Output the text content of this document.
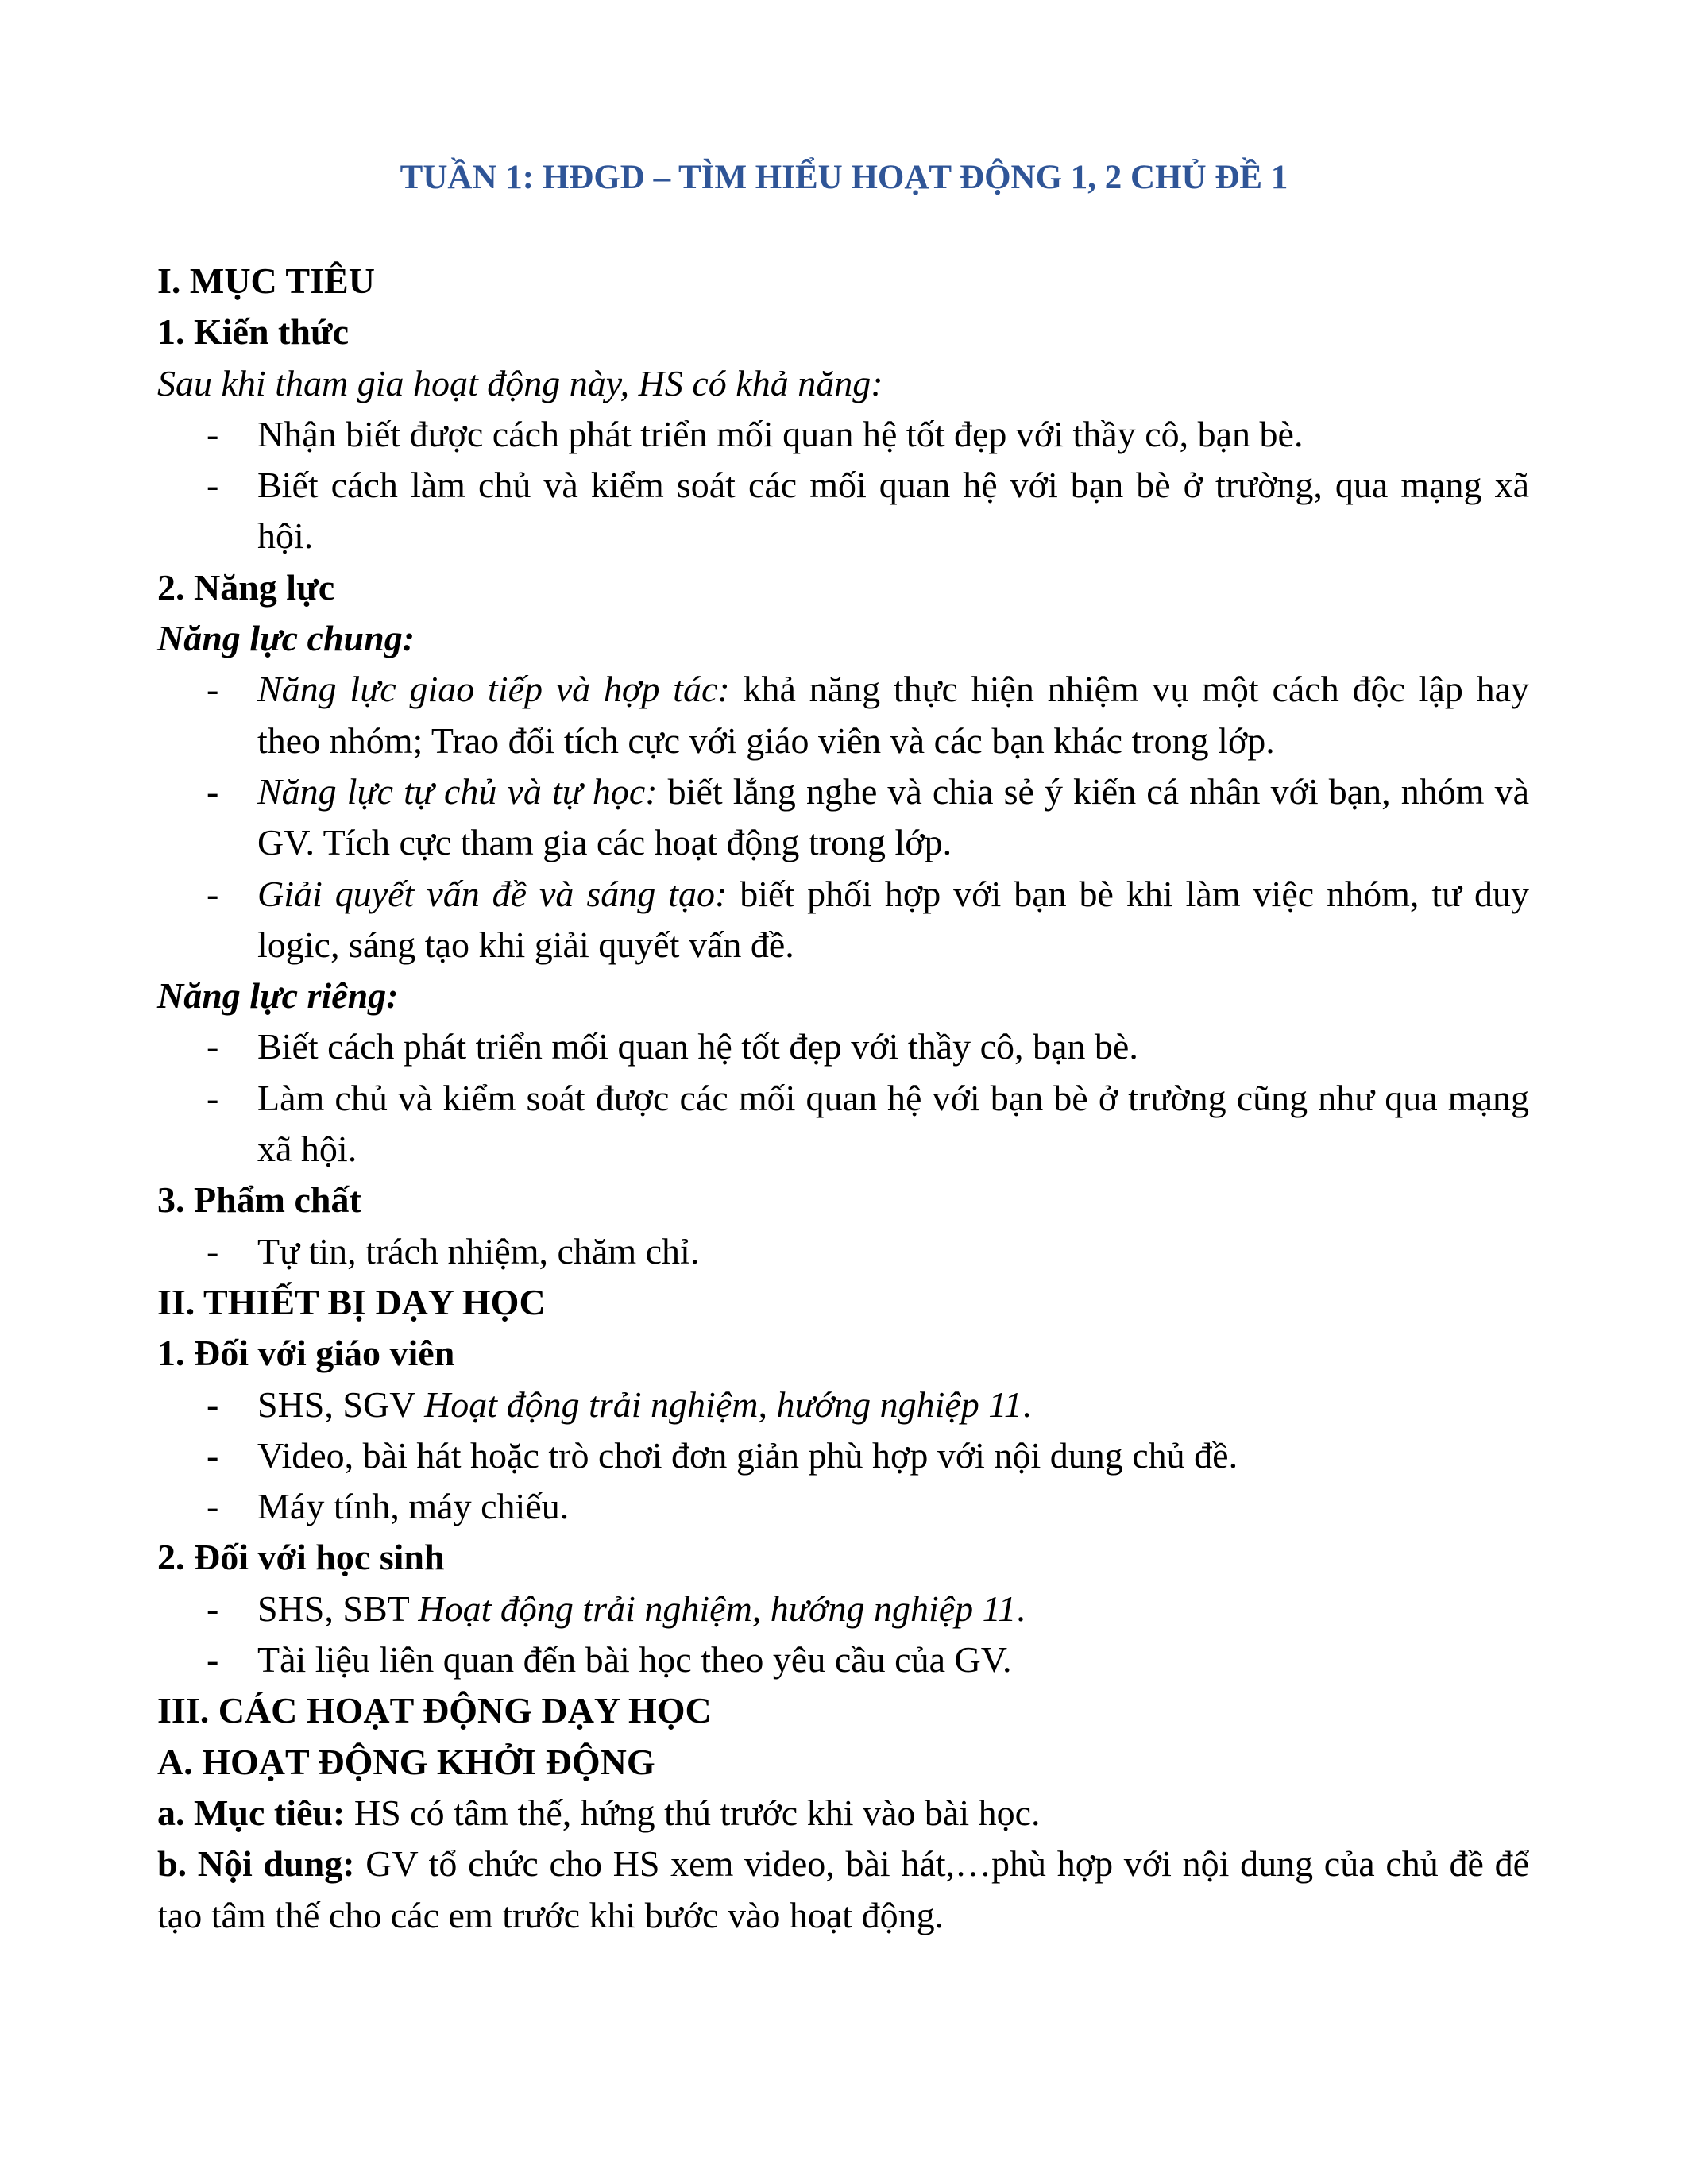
TUẦN 1: HĐGD – TÌM HIỂU HOẠT ĐỘNG 1, 2 CHỦ ĐỀ 1

I. MỤC TIÊU

1. Kiến thức

Sau khi tham gia hoạt động này, HS có khả năng:

- Nhận biết được cách phát triển mối quan hệ tốt đẹp với thầy cô, bạn bè.
- Biết cách làm chủ và kiểm soát các mối quan hệ với bạn bè ở trường, qua mạng xã hội.

2. Năng lực

Năng lực chung:

- Năng lực giao tiếp và hợp tác: khả năng thực hiện nhiệm vụ một cách độc lập hay theo nhóm; Trao đổi tích cực với giáo viên và các bạn khác trong lớp.
- Năng lực tự chủ và tự học: biết lắng nghe và chia sẻ ý kiến cá nhân với bạn, nhóm và GV. Tích cực tham gia các hoạt động trong lớp.
- Giải quyết vấn đề và sáng tạo: biết phối hợp với bạn bè khi làm việc nhóm, tư duy logic, sáng tạo khi giải quyết vấn đề.

Năng lực riêng:

- Biết cách phát triển mối quan hệ tốt đẹp với thầy cô, bạn bè.
- Làm chủ và kiểm soát được các mối quan hệ với bạn bè ở trường cũng như qua mạng xã hội.

3. Phẩm chất

- Tự tin, trách nhiệm, chăm chỉ.

II. THIẾT BỊ DẠY HỌC

1. Đối với giáo viên

- SHS, SGV Hoạt động trải nghiệm, hướng nghiệp 11.
- Video, bài hát hoặc trò chơi đơn giản phù hợp với nội dung chủ đề.
- Máy tính, máy chiếu.

2. Đối với học sinh

- SHS, SBT Hoạt động trải nghiệm, hướng nghiệp 11.
- Tài liệu liên quan đến bài học theo yêu cầu của GV.

III. CÁC HOẠT ĐỘNG DẠY HỌC

A. HOẠT ĐỘNG KHỞI ĐỘNG

a. Mục tiêu: HS có tâm thế, hứng thú trước khi vào bài học.

b. Nội dung: GV tổ chức cho HS xem video, bài hát,…phù hợp với nội dung của chủ đề để tạo tâm thế cho các em trước khi bước vào hoạt động.
